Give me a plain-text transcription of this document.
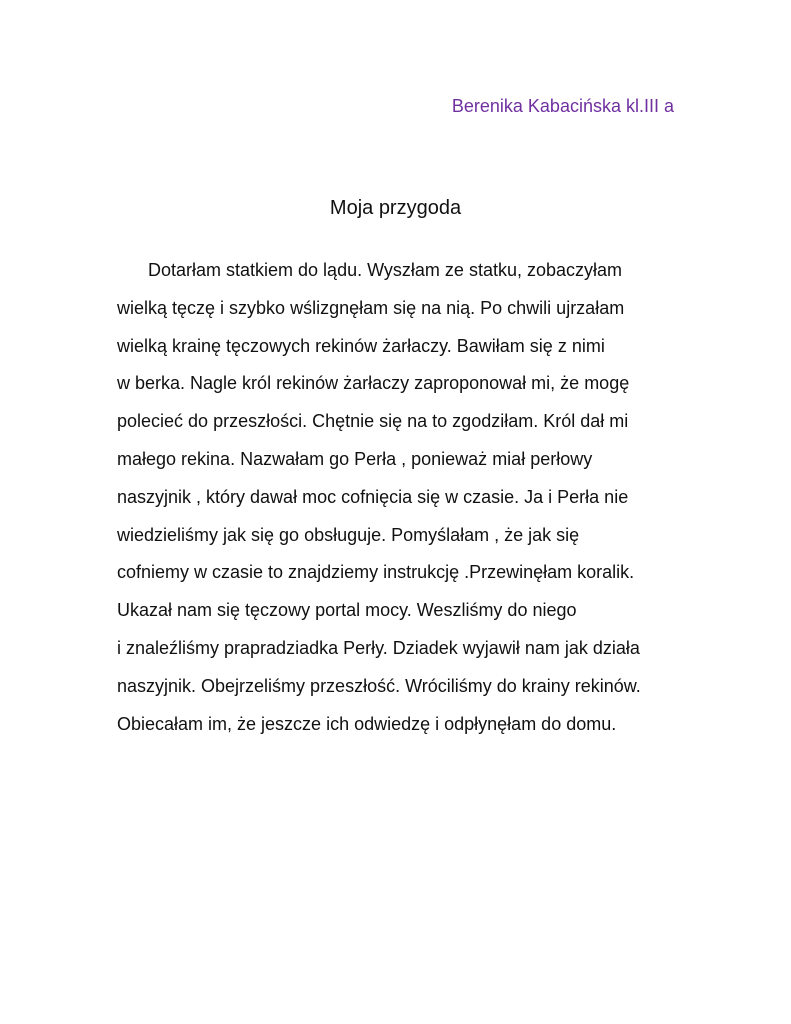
Berenika Kabacińska kl.III a
Moja przygoda
Dotarłam statkiem do lądu. Wyszłam ze statku, zobaczyłam
wielką tęczę i szybko wślizgnęłam się na nią. Po chwili ujrzałam
wielką krainę tęczowych rekinów żarłaczy. Bawiłam się z nimi
w berka. Nagle król rekinów żarłaczy zaproponował mi, że mogę
polecieć do przeszłości. Chętnie się na to zgodziłam. Król dał mi
małego rekina. Nazwałam go Perła , ponieważ miał perłowy
naszyjnik , który dawał moc cofnięcia się w czasie. Ja i Perła nie
wiedzieliśmy jak się go obsługuje. Pomyślałam , że jak się
cofniemy w czasie to znajdziemy instrukcję .Przewinęłam koralik.
Ukazał nam się tęczowy portal mocy. Weszliśmy do niego
i znaleźliśmy prapradziadka Perły. Dziadek wyjawił nam jak działa
naszyjnik. Obejrzeliśmy przeszłość. Wróciliśmy do krainy rekinów.
Obiecałam im, że jeszcze ich odwiedzę i odpłynęłam do domu.
